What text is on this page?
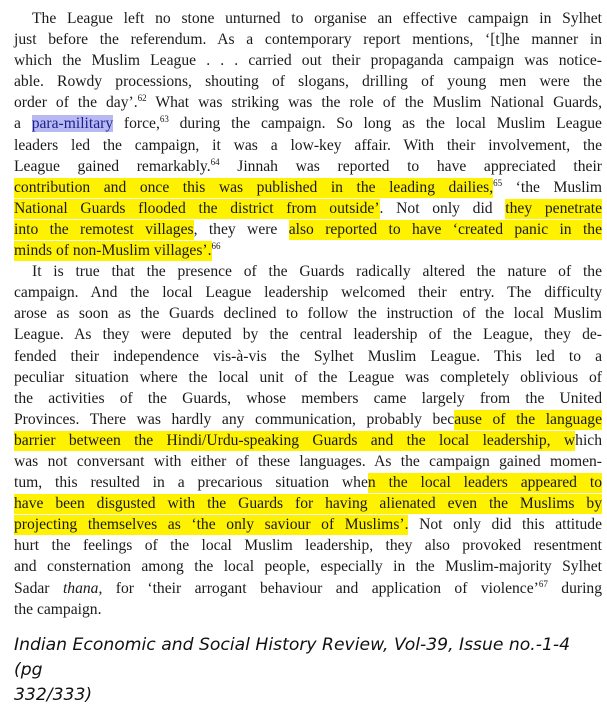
The League left no stone unturned to organise an effective campaign in Sylhet
just before the referendum. As a contemporary report mentions, ‘[t]he manner in
which the Muslim League . . . carried out their propaganda campaign was notice-
able. Rowdy processions, shouting of slogans, drilling of young men were the
order of the day’.$^{62}$ What was striking was the role of the Muslim National Guards,
a para-military force,$^{63}$ during the campaign. So long as the local Muslim League
leaders led the campaign, it was a low-key affair. With their involvement, the
League gained remarkably.$^{64}$ Jinnah was reported to have appreciated their
contribution and once this was published in the leading dailies,$^{65}$ ‘the Muslim
National Guards flooded the district from outside’. Not only did they penetrate
into the remotest villages, they were also reported to have ‘created panic in the
minds of non-Muslim villages’.$^{66}$
It is true that the presence of the Guards radically altered the nature of the
campaign. And the local League leadership welcomed their entry. The difficulty
arose as soon as the Guards declined to follow the instruction of the local Muslim
League. As they were deputed by the central leadership of the League, they de-
fended their independence vis-à-vis the Sylhet Muslim League. This led to a
peculiar situation where the local unit of the League was completely oblivious of
the activities of the Guards, whose members came largely from the United
Provinces. There was hardly any communication, probably because of the language
barrier between the Hindi/Urdu-speaking Guards and the local leadership, which
was not conversant with either of these languages. As the campaign gained momen-
tum, this resulted in a precarious situation when the local leaders appeared to
have been disgusted with the Guards for having alienated even the Muslims by
projecting themselves as ‘the only saviour of Muslims’. Not only did this attitude
hurt the feelings of the local Muslim leadership, they also provoked resentment
and consternation among the local people, especially in the Muslim-majority Sylhet
Sadar thana, for ‘their arrogant behaviour and application of violence’$^{67}$ during
the campaign.
Indian Economic and Social History Review, Vol-39, Issue no.-1-4 (pg
332/333)
